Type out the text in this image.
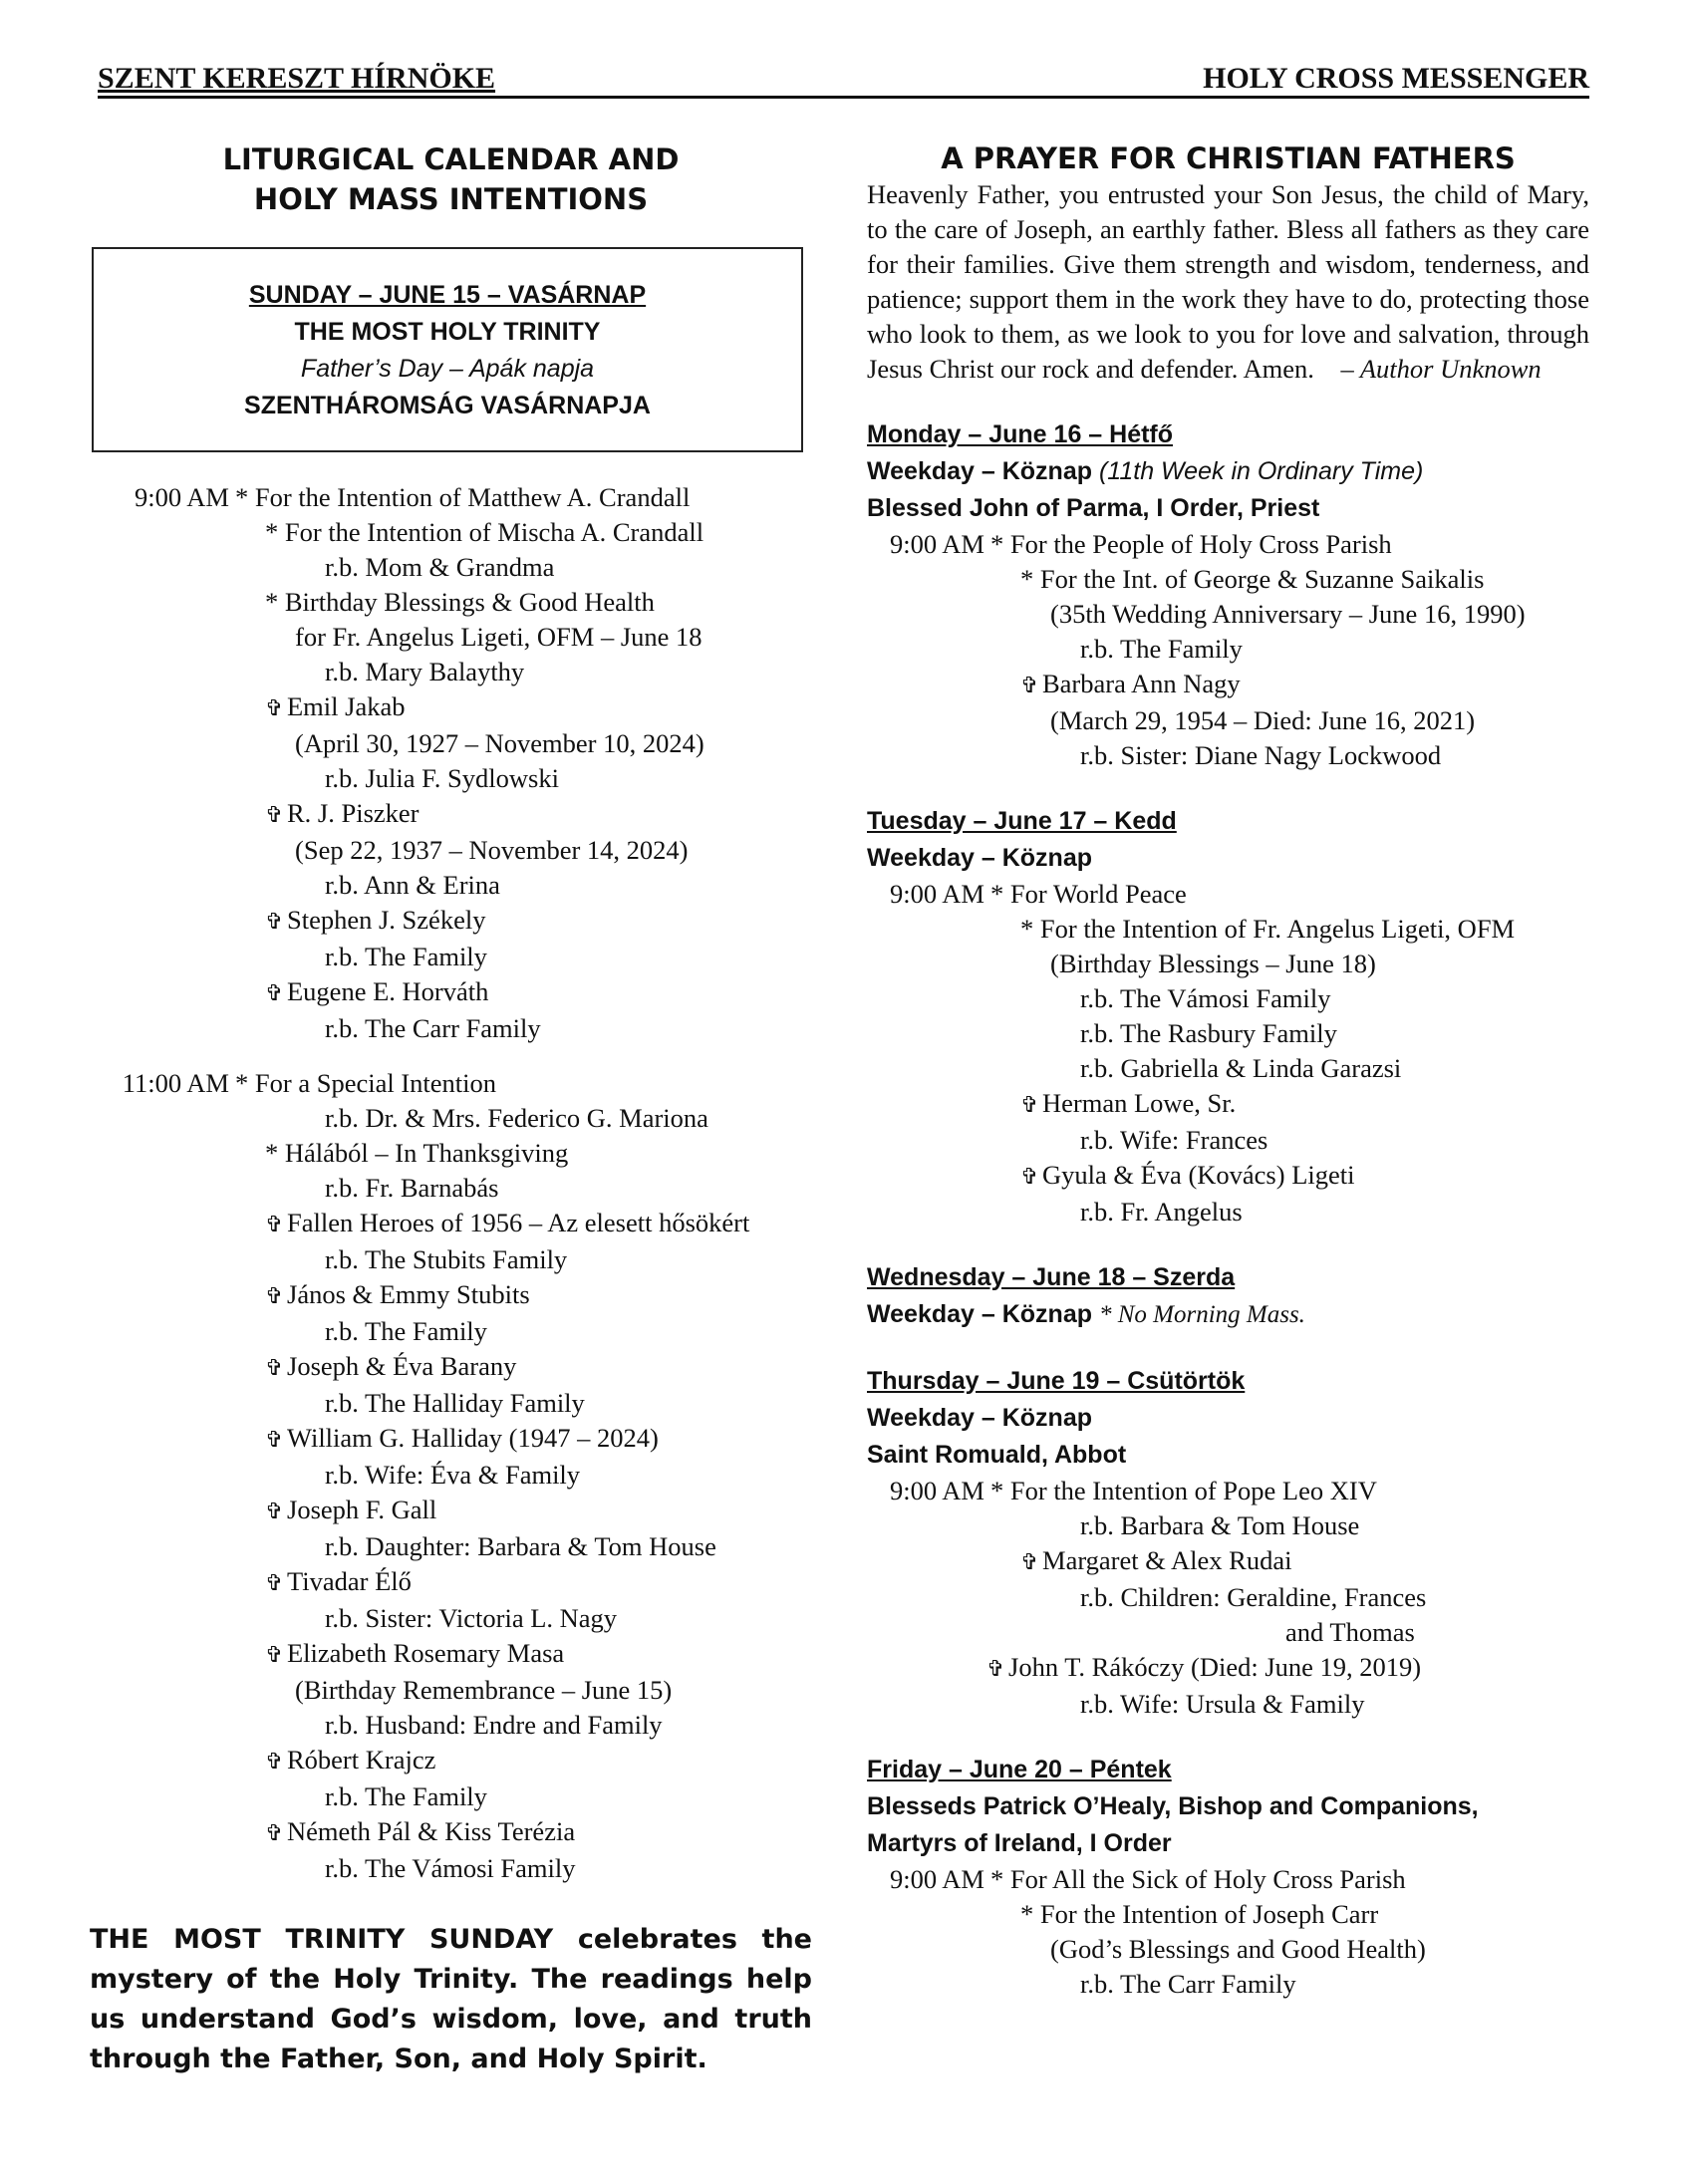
SZENT KERESZT HÍRNÖKE	HOLY CROSS MESSENGER
LITURGICAL CALENDAR AND
HOLY MASS INTENTIONS
SUNDAY – JUNE 15 – VASÁRNAP
THE MOST HOLY TRINITY
Father’s Day – Apák napja
SZENTHÁROMSÁG VASÁRNAPJA
9:00 AM * For the Intention of Matthew A. Crandall
* For the Intention of Mischa A. Crandall
r.b. Mom & Grandma
* Birthday Blessings & Good Health
for Fr. Angelus Ligeti, OFM – June 18
r.b. Mary Balaythy
✞ Emil Jakab
(April 30, 1927 – November 10, 2024)
r.b. Julia F. Sydlowski
✞ R. J. Piszker
(Sep 22, 1937 – November 14, 2024)
r.b. Ann & Erina
✞ Stephen J. Székely
r.b. The Family
✞ Eugene E. Horváth
r.b. The Carr Family
11:00 AM * For a Special Intention
r.b. Dr. & Mrs. Federico G. Mariona
* Hálából – In Thanksgiving
r.b. Fr. Barnabás
✞ Fallen Heroes of 1956 – Az elesett hősökért
r.b. The Stubits Family
✞ János & Emmy Stubits
r.b. The Family
✞ Joseph & Éva Barany
r.b. The Halliday Family
✞ William G. Halliday (1947 – 2024)
r.b. Wife: Éva & Family
✞ Joseph F. Gall
r.b. Daughter: Barbara & Tom House
✞ Tivadar Élő
r.b. Sister: Victoria L. Nagy
✞ Elizabeth Rosemary Masa
(Birthday Remembrance – June 15)
r.b. Husband: Endre and Family
✞ Róbert Krajcz
r.b. The Family
✞ Németh Pál & Kiss Terézia
r.b. The Vámosi Family
THE MOST TRINITY SUNDAY celebrates the mystery of the Holy Trinity. The readings help us understand God’s wisdom, love, and truth through the Father, Son, and Holy Spirit.
A PRAYER FOR CHRISTIAN FATHERS
Heavenly Father, you entrusted your Son Jesus, the child of Mary, to the care of Joseph, an earthly father. Bless all fathers as they care for their families. Give them strength and wisdom, tenderness, and patience; support them in the work they have to do, protecting those who look to them, as we look to you for love and salvation, through Jesus Christ our rock and defender. Amen. – Author Unknown
Monday – June 16 – Hétfő
Weekday – Köznap (11th Week in Ordinary Time)
Blessed John of Parma, I Order, Priest
9:00 AM * For the People of Holy Cross Parish
* For the Int. of George & Suzanne Saikalis
(35th Wedding Anniversary – June 16, 1990)
r.b. The Family
✞ Barbara Ann Nagy
(March 29, 1954 – Died: June 16, 2021)
r.b. Sister: Diane Nagy Lockwood
Tuesday – June 17 – Kedd
Weekday – Köznap
9:00 AM * For World Peace
* For the Intention of Fr. Angelus Ligeti, OFM
(Birthday Blessings – June 18)
r.b. The Vámosi Family
r.b. The Rasbury Family
r.b. Gabriella & Linda Garazsi
✞ Herman Lowe, Sr.
r.b. Wife: Frances
✞ Gyula & Éva (Kovács) Ligeti
r.b. Fr. Angelus
Wednesday – June 18 – Szerda
Weekday – Köznap * No Morning Mass.
Thursday – June 19 – Csütörtök
Weekday – Köznap
Saint Romuald, Abbot
9:00 AM * For the Intention of Pope Leo XIV
r.b. Barbara & Tom House
✞ Margaret & Alex Rudai
r.b. Children: Geraldine, Frances
and Thomas
✞ John T. Rákóczy (Died: June 19, 2019)
r.b. Wife: Ursula & Family
Friday – June 20 – Péntek
Blesseds Patrick O’Healy, Bishop and Companions,
Martyrs of Ireland, I Order
9:00 AM * For All the Sick of Holy Cross Parish
* For the Intention of Joseph Carr
(God’s Blessings and Good Health)
r.b. The Carr Family
